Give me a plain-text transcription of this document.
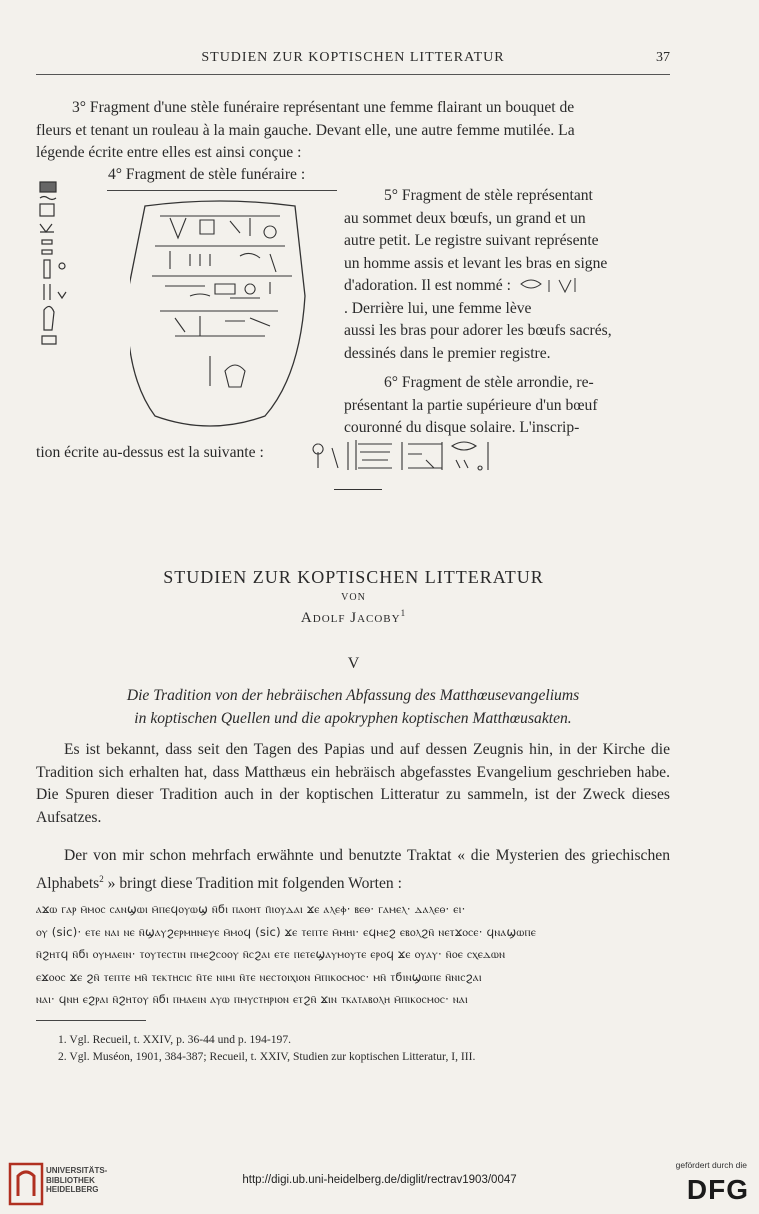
STUDIEN ZUR KOPTISCHEN LITTERATUR	37
3° Fragment d'une stèle funéraire représentant une femme flairant un bouquet de
fleurs et tenant un rouleau à la main gauche. Devant elle, une autre femme mutilée. La
légende écrite entre elles est ainsi conçue :
4° Fragment de stèle funéraire :
5° Fragment de stèle représentant
au sommet deux bœufs, un grand et un
autre petit. Le registre suivant représente
un homme assis et levant les bras en signe
d'adoration. Il est nommé :
. Derrière lui, une femme lève
aussi les bras pour adorer les bœufs sacrés,
dessinés dans le premier registre.
6° Fragment de stèle arrondie, re-
présentant la partie supérieure d'un bœuf
couronné du disque solaire. L'inscrip-
tion écrite au-dessus est la suivante :
STUDIEN ZUR KOPTISCHEN LITTERATUR
VON
Adolf Jacoby$^1$
V
Die Tradition von der hebräischen Abfassung des Matthœusevangeliums
in koptischen Quellen und die apokryphen koptischen Matthœusakten.
Es ist bekannt, dass seit den Tagen des Papias und auf dessen Zeugnis hin, in der Kirche die Tradition sich erhalten hat, dass Matthæus ein hebräisch abgefasstes Evangelium geschrieben habe. Die Spuren dieser Tradition auch in der koptischen Litteratur zu sammeln, ist der Zweck dieses Aufsatzes.
Der von mir schon mehrfach erwähnte und benutzte Traktat « die Mysterien des griechischen Alphabets$^2$ » bringt diese Tradition mit folgenden Worten :
ⲁϫⲱ ⲅⲁⲣ ⲙ̄ⲙⲟⲥ ⲥⲁⲛϣⲱⲓ ⲙ̄ⲡⲉϥⲟⲩⲱϣ ⲛ̄ϭⲓ ⲡⲁⲟⲏⲧ ⲡ̄ⲓⲟⲩⲇⲁⲓ ϫⲉ ⲁⲗⲉⲫ· ⲃⲉⲑ· ⲅⲁⲙⲉⲗ· ⲇⲁⲗⲉⲑ· ⲉⲓ·
ⲟⲩ (sic)· ⲉⲧⲉ ⲛⲁⲓ ⲛⲉ ⲛ̄ϣⲁⲩϩⲉⲣⲙⲏⲛⲉⲩⲉ ⲙ̄ⲙⲟϥ (sic) ϫⲉ ⲧⲉⲡⲧⲉ ⲙ̄ⲙⲏⲓ· ⲉϥⲙⲉϩ ⲉⲃⲟⲗϩⲛ̄ ⲛⲉⲧϫⲟⲥⲉ· ϥⲛⲁϣⲱⲡⲉ
ⲛ̄ϩⲏⲧϥ ⲛ̄ϭⲓ ⲟⲩⲙⲁⲉⲓⲛ· ⲧⲟⲩⲧⲉⲥⲧⲓⲛ ⲡⲙⲉϩⲥⲟⲟⲩ ⲛ̄ⲥϩⲁⲓ ⲉⲧⲉ ⲡⲉⲧⲉϣⲁⲩⲙⲟⲩⲧⲉ ⲉⲣⲟϥ ϫⲉ ⲟⲩⲁⲩ· ⲛ̄ⲟⲉ ⲥⲭⲉⲇⲱⲛ
ⲉϫⲟⲟⲥ ϫⲉ ϩⲛ̄ ⲧⲉⲡⲧⲉ ⲙⲛ̄ ⲧⲉⲕⲧⲏⲥⲓⲥ ⲛ̄ⲧⲉ ⲛⲓⲙⲓ ⲛ̄ⲧⲉ ⲛⲉⲥⲧⲟⲓⲭⲓⲟⲛ ⲙ̄ⲡⲓⲕⲟⲥⲙⲟⲥ· ⲙⲛ̄ ⲧϭⲓⲛϣⲱⲡⲉ ⲛ̄ⲛⲓⲥϩⲁⲓ
ⲛⲁⲓ· ϥⲛⲏ ⲉϩⲣⲁⲓ ⲛ̄ϩⲏⲧⲟⲩ ⲛ̄ϭⲓ ⲡⲙⲁⲉⲓⲛ ⲁⲩⲱ ⲡⲙⲩⲥⲧⲏⲣⲓⲟⲛ ⲉⲧϩⲛ̄ ϫⲓⲛ ⲧⲕⲁⲧⲁⲃⲟⲗⲏ ⲙ̄ⲡⲓⲕⲟⲥⲙⲟⲥ· ⲛⲁⲓ
1. Vgl. Recueil, t. XXIV, p. 36-44 und p. 194-197.
2. Vgl. Muséon, 1901, 384-387; Recueil, t. XXIV, Studien zur koptischen Litteratur, I, III.
UNIVERSITÄTS-
BIBLIOTHEK
HEIDELBERG
http://digi.ub.uni-heidelberg.de/diglit/rectrav1903/0047
gefördert durch die
DFG
